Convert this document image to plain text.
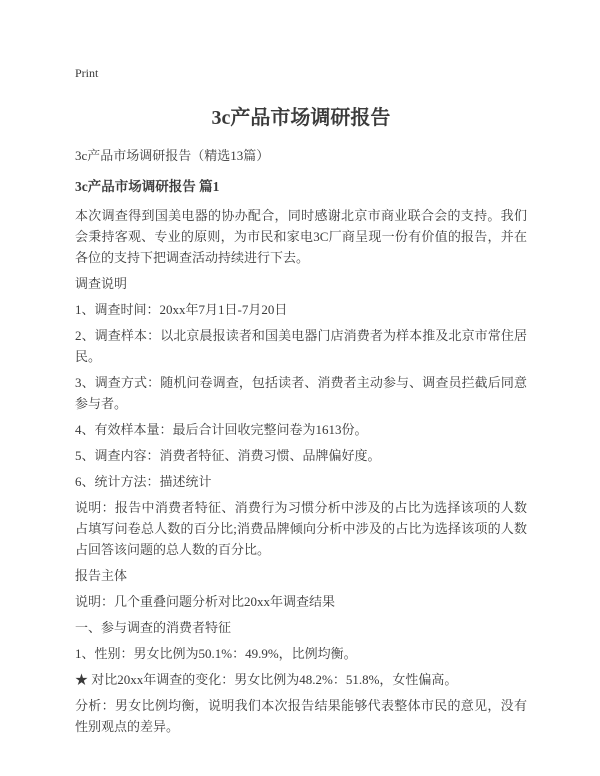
Print
3c产品市场调研报告
3c产品市场调研报告（精选13篇）
3c产品市场调研报告 篇1

本次调查得到国美电器的协办配合，同时感谢北京市商业联合会的支持。我们会秉持客观、专业的原则，为市民和家电3C厂商呈现一份有价值的报告，并在各位的支持下把调查活动持续进行下去。

调查说明

1、调查时间：20xx年7月1日-7月20日

2、调查样本：以北京晨报读者和国美电器门店消费者为样本推及北京市常住居民。

3、调查方式：随机问卷调查，包括读者、消费者主动参与、调查员拦截后同意参与者。

4、有效样本量：最后合计回收完整问卷为1613份。

5、调查内容：消费者特征、消费习惯、品牌偏好度。

6、统计方法：描述统计

说明：报告中消费者特征、消费行为习惯分析中涉及的占比为选择该项的人数占填写问卷总人数的百分比;消费品牌倾向分析中涉及的占比为选择该项的人数占回答该问题的总人数的百分比。

报告主体

说明：几个重叠问题分析对比20xx年调查结果

一、参与调查的消费者特征

1、性别：男女比例为50.1%：49.9%，比例均衡。

★ 对比20xx年调查的变化：男女比例为48.2%：51.8%，女性偏高。

分析：男女比例均衡，说明我们本次报告结果能够代表整体市民的意见，没有性别观点的差异。
